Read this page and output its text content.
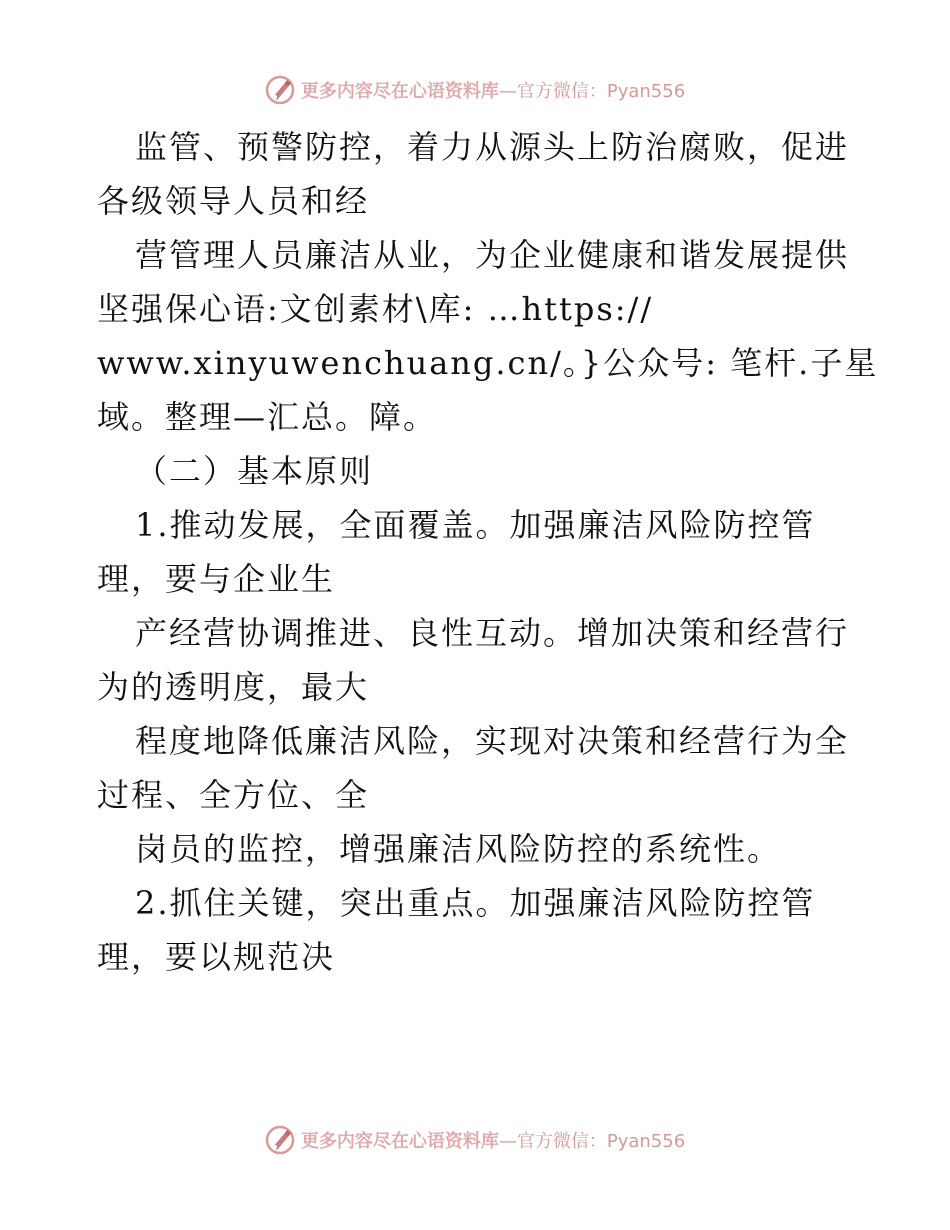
更多内容尽在心语资料库 —官方微信：Pyan556
监管、预警防控，着力从源头上防治腐败，促进
各级领导人员和经
营管理人员廉洁从业，为企业健康和谐发展提供
坚强保心语:文创素材\库: …https://
www.xinyuwenchuang.cn/。}公众号: 笔杆.子星
域。整理—汇总。障。
（二）基本原则
1.推动发展，全面覆盖。加强廉洁风险防控管
理，要与企业生
产经营协调推进、良性互动。增加决策和经营行
为的透明度，最大
程度地降低廉洁风险，实现对决策和经营行为全
过程、全方位、全
岗员的监控，增强廉洁风险防控的系统性。
2.抓住关键，突出重点。加强廉洁风险防控管
理，要以规范决
更多内容尽在心语资料库 —官方微信：Pyan556
